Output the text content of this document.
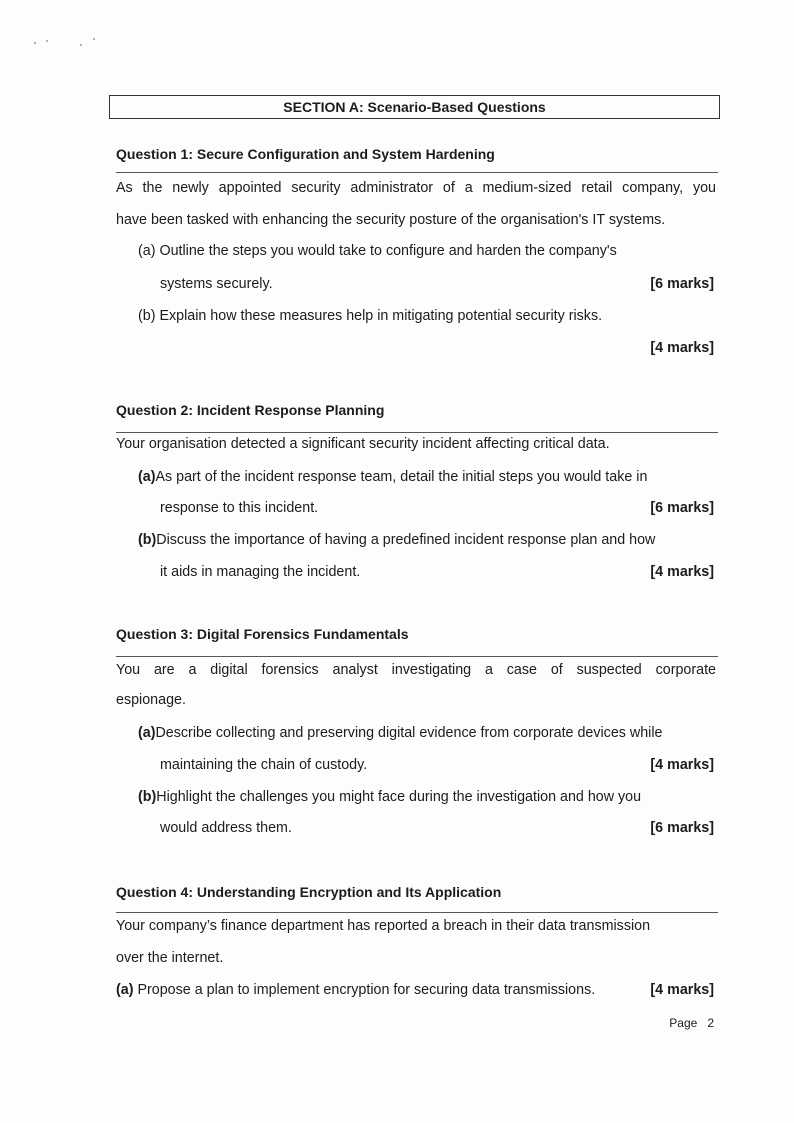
SECTION A: Scenario-Based Questions
Question 1: Secure Configuration and System Hardening
As the newly appointed security administrator of a medium-sized retail company, you
have been tasked with enhancing the security posture of the organisation's IT systems.
(a) Outline the steps you would take to configure and harden the company's
systems securely.	[6 marks]
(b) Explain how these measures help in mitigating potential security risks.
[4 marks]
Question 2: Incident Response Planning
Your organisation detected a significant security incident affecting critical data.
(a)As part of the incident response team, detail the initial steps you would take in
response to this incident.	[6 marks]
(b)Discuss the importance of having a predefined incident response plan and how
it aids in managing the incident.	[4 marks]
Question 3: Digital Forensics Fundamentals
You are a digital forensics analyst investigating a case of suspected corporate
espionage.
(a)Describe collecting and preserving digital evidence from corporate devices while
maintaining the chain of custody.	[4 marks]
(b)Highlight the challenges you might face during the investigation and how you
would address them.	[6 marks]
Question 4: Understanding Encryption and Its Application
Your company’s finance department has reported a breach in their data transmission
over the internet.
(a) Propose a plan to implement encryption for securing data transmissions.	[4 marks]
Page 2
